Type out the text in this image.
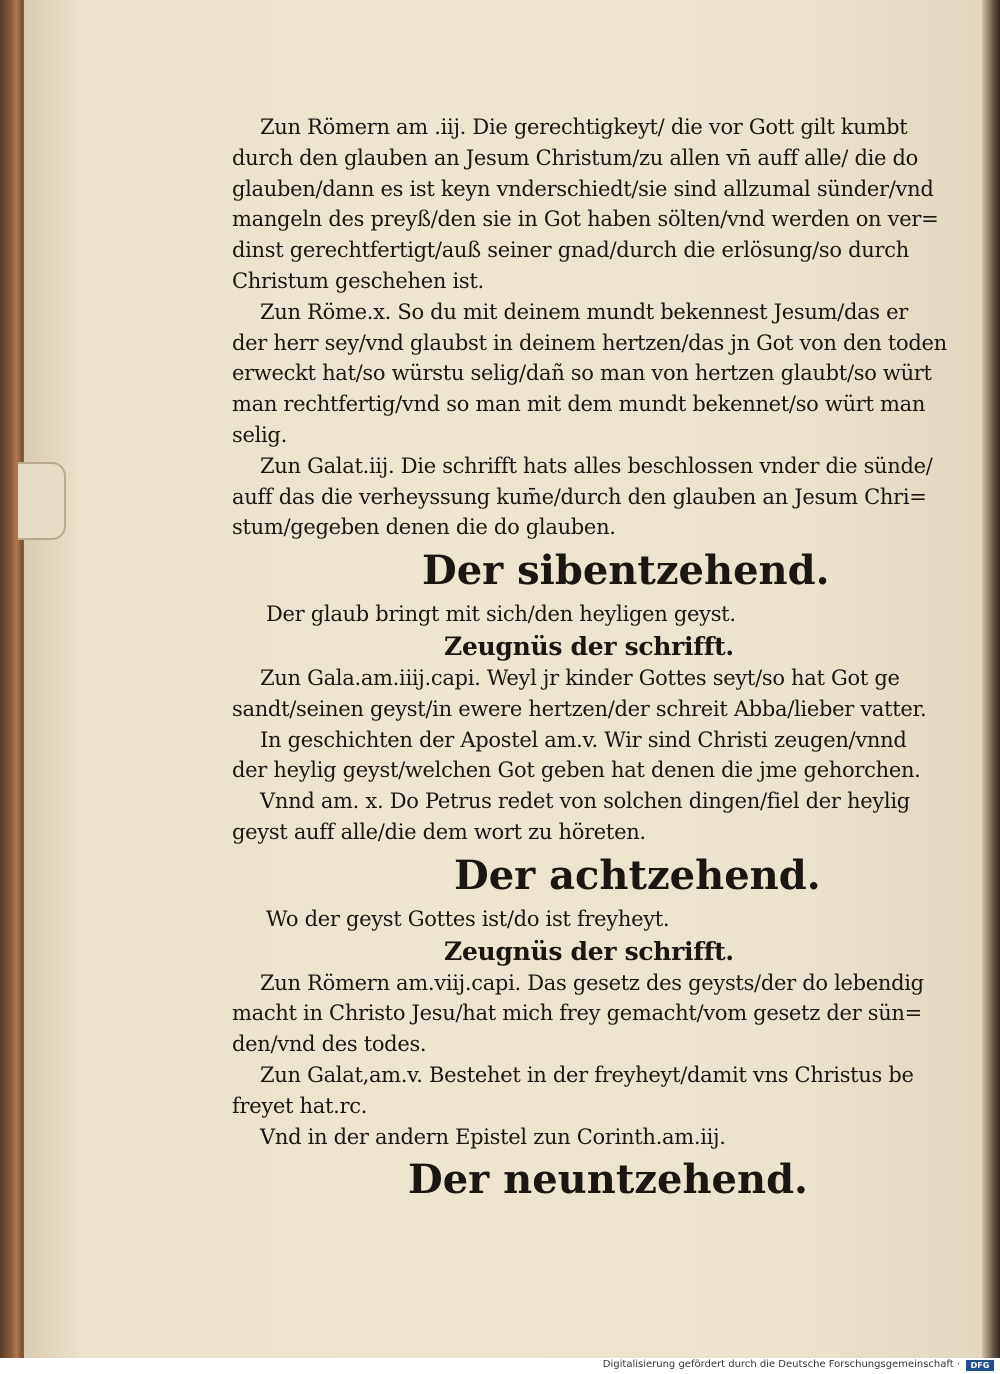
Zun Römern am .iij. Die gerechtigkeyt/ die vor Gott gilt kumbt
durch den glauben an Jesum Christum/zu allen vn̄ auff alle/ die do
glauben/dann es ist keyn vnderschiedt/sie sind allzumal sünder/vnd
mangeln des preyß/den sie in Got haben sölten/vnd werden on ver=
dinst gerechtfertigt/auß seiner gnad/durch die erlösung/so durch
Christum geschehen ist.
Zun Röme.x. So du mit deinem mundt bekennest Jesum/das er
der herr sey/vnd glaubst in deinem hertzen/das jn Got von den toden
erweckt hat/so würstu selig/dañ so man von hertzen glaubt/so würt
man rechtfertig/vnd so man mit dem mundt bekennet/so würt man
selig.
Zun Galat.iij. Die schrifft hats alles beschlossen vnder die sünde/
auff das die verheyssung kum̄e/durch den glauben an Jesum Chri=
stum/gegeben denen die do glauben.
Der sibentzehend.
Der glaub bringt mit sich/den heyligen geyst.
Zeugnüs der schrifft.
Zun Gala.am.iiij.capi. Weyl jr kinder Gottes seyt/so hat Got ge
sandt/seinen geyst/in ewere hertzen/der schreit Abba/lieber vatter.
In geschichten der Apostel am.v. Wir sind Christi zeugen/vnnd
der heylig geyst/welchen Got geben hat denen die jme gehorchen.
Vnnd am. x. Do Petrus redet von solchen dingen/fiel der heylig
geyst auff alle/die dem wort zu höreten.
Der achtzehend.
Wo der geyst Gottes ist/do ist freyheyt.
Zeugnüs der schrifft.
Zun Römern am.viij.capi. Das gesetz des geysts/der do lebendig
macht in Christo Jesu/hat mich frey gemacht/vom gesetz der sün=
den/vnd des todes.
Zun Galat,am.v. Bestehet in der freyheyt/damit vns Christus be
freyet hat.rc.
Vnd in der andern Epistel zun Corinth.am.iij.
Der neuntzehend.
Digitalisierung gefördert durch die Deutsche Forschungsgemeinschaft ·	DFG
